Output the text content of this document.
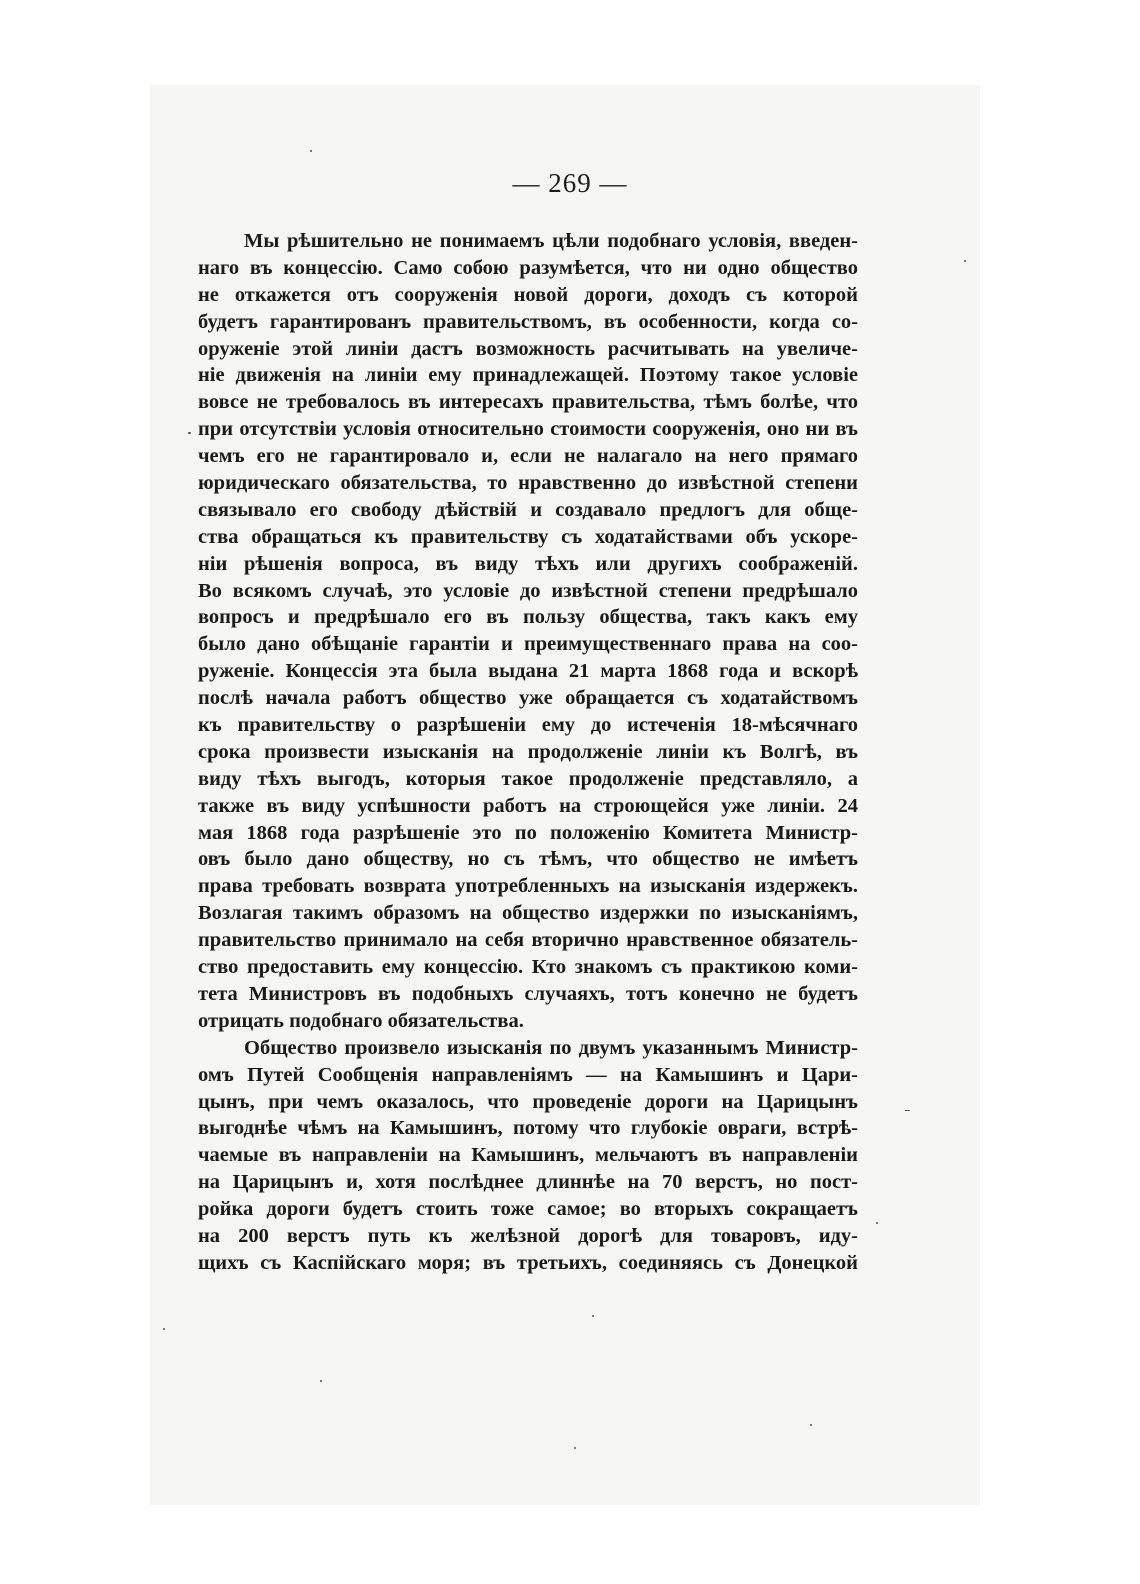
— 269 —
Мы рѣшительно не понимаемъ цѣли подобнаго условія, введен-
наго въ концессію. Само собою разумѣется, что ни одно общество
не откажется отъ сооруженія новой дороги, доходъ съ которой
будетъ гарантированъ правительствомъ, въ особенности, когда со-
оруженіе этой линіи дастъ возможность расчитывать на увеличе-
ніе движенія на линіи ему принадлежащей. Поэтому такое условіе
вовсе не требовалось въ интересахъ правительства, тѣмъ болѣе, что
при отсутствіи условія относительно стоимости сооруженія, оно ни въ
чемъ его не гарантировало и, если не налагало на него прямаго
юридическаго обязательства, то нравственно до извѣстной степени
связывало его свободу дѣйствій и создавало предлогъ для обще-
ства обращаться къ правительству съ ходатайствами объ ускоре-
ніи рѣшенія вопроса, въ виду тѣхъ или другихъ соображеній.
Во всякомъ случаѣ, это условіе до извѣстной степени предрѣшало
вопросъ и предрѣшало его въ пользу общества, такъ какъ ему
было дано обѣщаніе гарантіи и преимущественнаго права на соо-
руженіе. Концессія эта была выдана 21 марта 1868 года и вскорѣ
послѣ начала работъ общество уже обращается съ ходатайствомъ
къ правительству о разрѣшеніи ему до истеченія 18-мѣсячнаго
срока произвести изысканія на продолженіе линіи къ Волгѣ, въ
виду тѣхъ выгодъ, которыя такое продолженіе представляло, а
также въ виду успѣшности работъ на строющейся уже линіи. 24
мая 1868 года разрѣшеніе это по положенію Комитета Министр-
овъ было дано обществу, но съ тѣмъ, что общество не имѣетъ
права требовать возврата употребленныхъ на изысканія издержекъ.
Возлагая такимъ образомъ на общество издержки по изысканіямъ,
правительство принимало на себя вторично нравственное обязатель-
ство предоставить ему концессію. Кто знакомъ съ практикою коми-
тета Министровъ въ подобныхъ случаяхъ, тотъ конечно не будетъ
отрицать подобнаго обязательства.
Общество произвело изысканія по двумъ указаннымъ Министр-
омъ Путей Сообщенія направленіямъ — на Камышинъ и Цари-
цынъ, при чемъ оказалось, что проведеніе дороги на Царицынъ
выгоднѣе чѣмъ на Камышинъ, потому что глубокіе овраги, встрѣ-
чаемые въ направленіи на Камышинъ, мельчаютъ въ направленіи
на Царицынъ и, хотя послѣднее длиннѣе на 70 верстъ, но пост-
ройка дороги будетъ стоить тоже самое; во вторыхъ сокращаетъ
на 200 верстъ путь къ желѣзной дорогѣ для товаровъ, иду-
щихъ съ Каспійскаго моря; въ третьихъ, соединяясь съ Донецкой
